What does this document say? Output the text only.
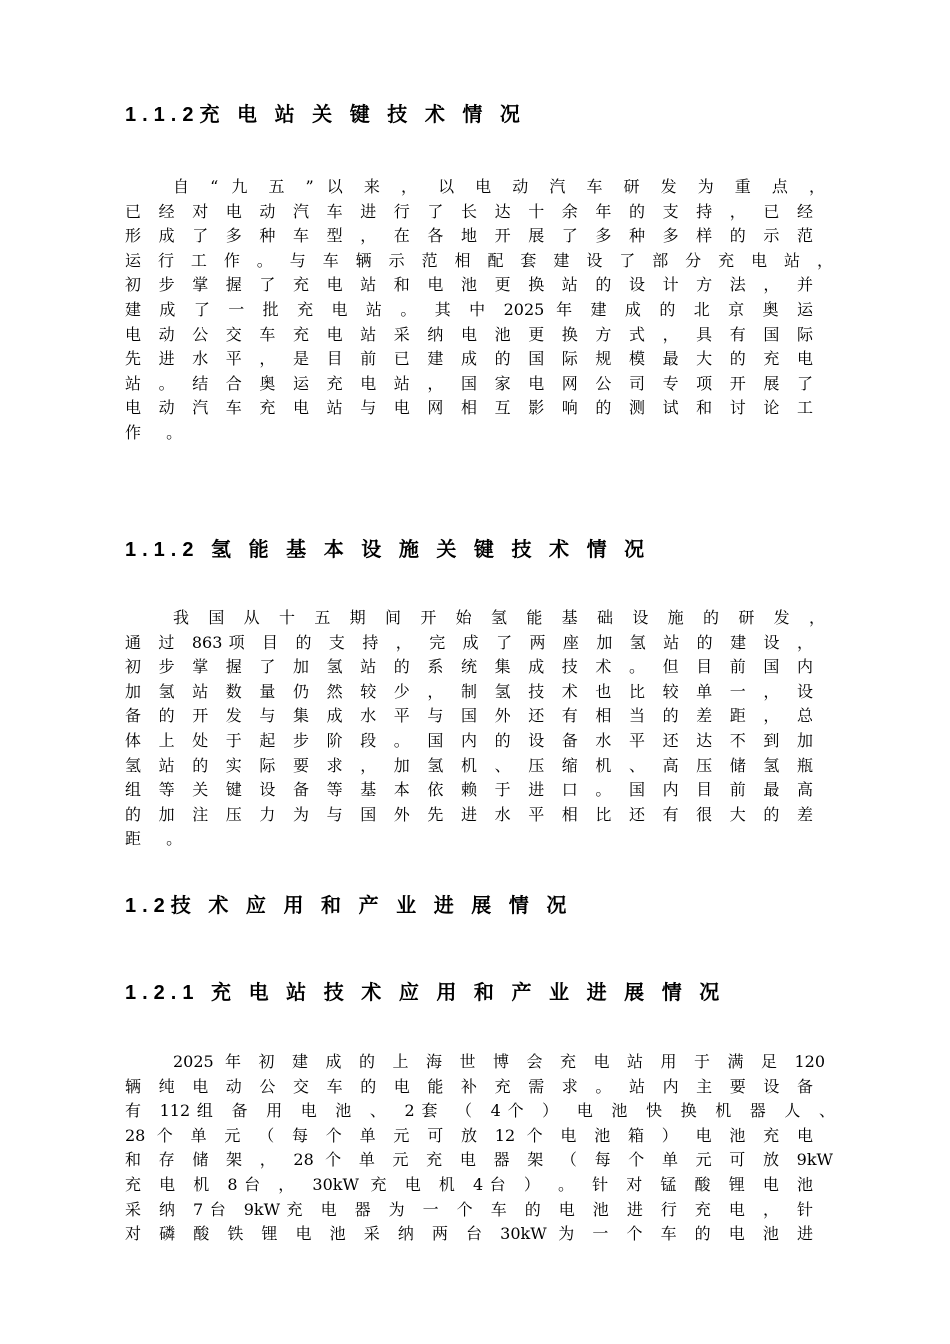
1.1.2充 电 站 关 键 技 术 情 况
自 “ 九 五 ” 以 来 ， 以 电 动 汽 车 研 发 为 重 点 ，
已 经 对 电 动 汽 车 进 行 了 长 达 十 余 年 的 支 持 ， 已 经
形 成 了 多 种 车 型 ， 在 各 地 开 展 了 多 种 多 样 的 示 范
运 行 工 作 。 与 车 辆 示 范 相 配 套 建 设 了 部 分 充 电 站 ，
初 步 掌 握 了 充 电 站 和 电 池 更 换 站 的 设 计 方 法 ， 并
建 成 了 一 批 充 电 站 。 其 中 2025 年 建 成 的 北 京 奥 运
电 动 公 交 车 充 电 站 采 纳 电 池 更 换 方 式 ， 具 有 国 际
先 进 水 平 ， 是 目 前 已 建 成 的 国 际 规 模 最 大 的 充 电
站 。 结 合 奥 运 充 电 站 ， 国 家 电 网 公 司 专 项 开 展 了
电 动 汽 车 充 电 站 与 电 网 相 互 影 响 的 测 试 和 讨 论 工
作 。
1.1.2 氢 能 基 本 设 施 关 键 技 术 情 况
我 国 从 十 五 期 间 开 始 氢 能 基 础 设 施 的 研 发 ，
通 过 863项 目 的 支 持 ， 完 成 了 两 座 加 氢 站 的 建 设 ，
初 步 掌 握 了 加 氢 站 的 系 统 集 成 技 术 。 但 目 前 国 内
加 氢 站 数 量 仍 然 较 少 ， 制 氢 技 术 也 比 较 单 一 ， 设
备 的 开 发 与 集 成 水 平 与 国 外 还 有 相 当 的 差 距 ， 总
体 上 处 于 起 步 阶 段 。 国 内 的 设 备 水 平 还 达 不 到 加
氢 站 的 实 际 要 求 ， 加 氢 机 、 压 缩 机 、 高 压 储 氢 瓶
组 等 关 键 设 备 等 基 本 依 赖 于 进 口 。 国 内 目 前 最 高
的 加 注 压 力 为 与 国 外 先 进 水 平 相 比 还 有 很 大 的 差
距 。
1.2技 术 应 用 和 产 业 进 展 情 况
1.2.1 充 电 站 技 术 应 用 和 产 业 进 展 情 况
2025 年 初 建 成 的 上 海 世 博 会 充 电 站 用 于 满 足 120
辆 纯 电 动 公 交 车 的 电 能 补 充 需 求 。 站 内 主 要 设 备
有 112组 备 用 电 池 、 2套 （ 4个 ） 电 池 快 换 机 器 人 、
28 个 单 元 （ 每 个 单 元 可 放 12 个 电 池 箱 ） 电 池 充 电
和 存 储 架 ， 28 个 单 元 充 电 器 架 （ 每 个 单 元 可 放 9kW
充 电 机 8台 ， 30kW 充 电 机 4台 ） 。 针 对 锰 酸 锂 电 池
采 纳 7台 9kW充 电 器 为 一 个 车 的 电 池 进 行 充 电 ， 针
对 磷 酸 铁 锂 电 池 采 纳 两 台 30kW 为 一 个 车 的 电 池 进
